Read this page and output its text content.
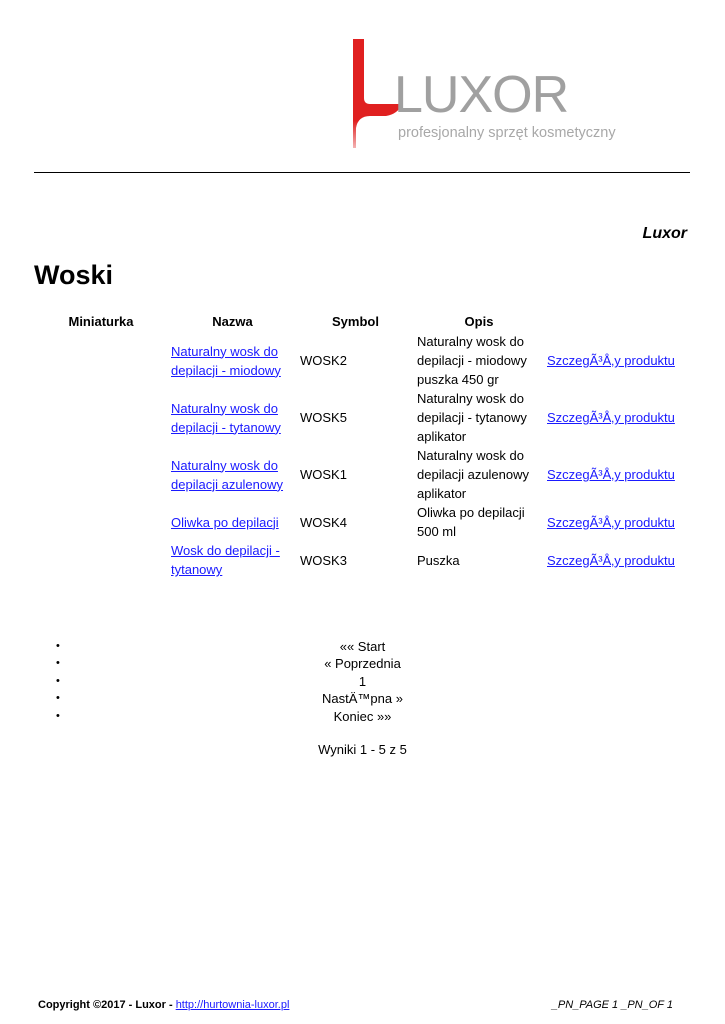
LUXOR
profesjonalny sprzęt kosmetyczny
Luxor
Woski
Miniaturka	Nazwa	Symbol	Opis	
	Naturalny wosk do depilacji - miodowy	WOSK2	Naturalny wosk do depilacji - miodowy puszka 450 gr	SzczegÃ³Å‚y produktu
	Naturalny wosk do depilacji - tytanowy	WOSK5	Naturalny wosk do depilacji - tytanowy aplikator	SzczegÃ³Å‚y produktu
	Naturalny wosk do depilacji azulenowy	WOSK1	Naturalny wosk do depilacji azulenowy aplikator	SzczegÃ³Å‚y produktu
	Oliwka po depilacji	WOSK4	Oliwka po depilacji 500 ml	SzczegÃ³Å‚y produktu
	Wosk do depilacji - tytanowy	WOSK3	Puszka	SzczegÃ³Å‚y produktu
•	«« Start
•	« Poprzednia
•	1
•	NastÄ™pna »
•	Koniec »»
Wyniki 1 - 5 z 5
Copyright ©2017 - Luxor - http://hurtownia-luxor.pl	_PN_PAGE 1 _PN_OF 1
